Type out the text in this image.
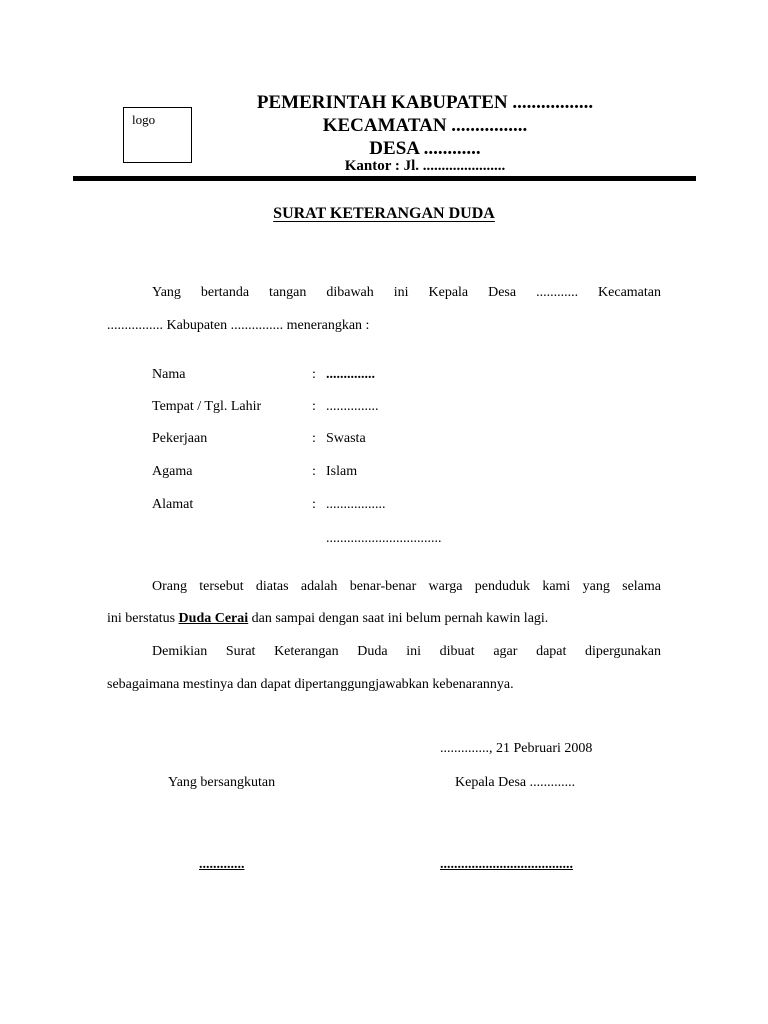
logo
PEMERINTAH KABUPATEN .................
KECAMATAN ................
DESA ............
Kantor : Jl. ......................
SURAT KETERANGAN DUDA
Yang bertanda tangan dibawah ini Kepala Desa ............ Kecamatan
................ Kabupaten ............... menerangkan :
Nama	: ..............
Tempat / Tgl. Lahir	: ...............
Pekerjaan	: Swasta
Agama	: Islam
Alamat	: .................
.................................
Orang tersebut diatas adalah benar-benar warga penduduk kami yang selama
ini berstatus Duda Cerai dan sampai dengan saat ini belum pernah kawin lagi.
Demikian Surat Keterangan Duda ini dibuat agar dapat dipergunakan
sebagaimana mestinya dan dapat dipertanggungjawabkan kebenarannya.
.............., 21 Pebruari 2008
Yang bersangkutan	Kepala Desa .............
.............	......................................
